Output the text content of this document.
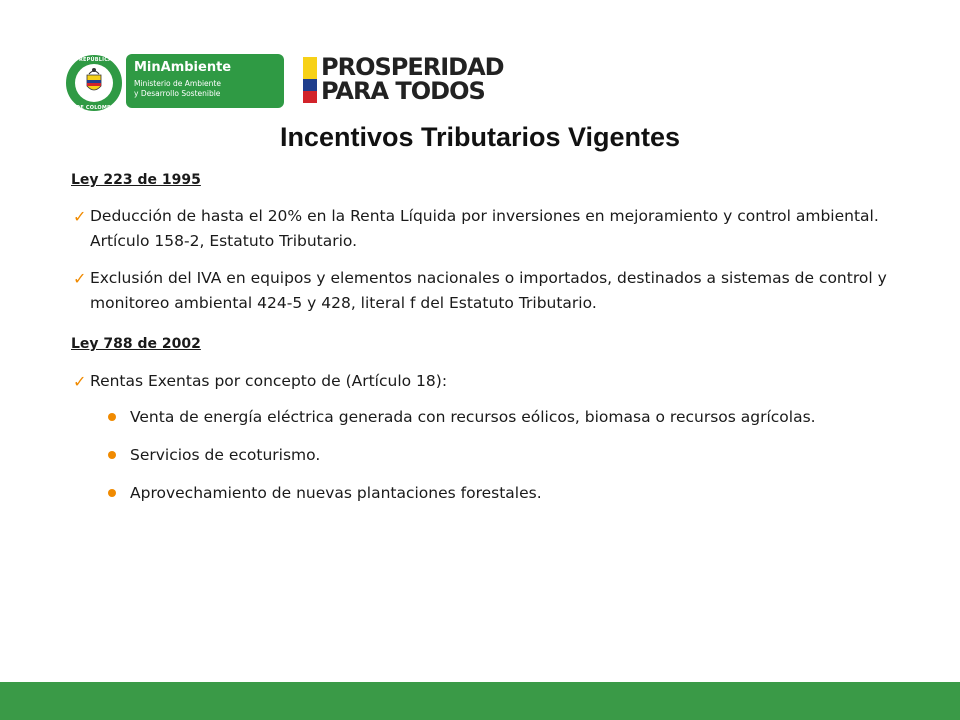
REPÚBLICA
DE COLOMBIA
MinAmbiente
Ministerio de Ambiente
y Desarrollo Sostenible
PROSPERIDAD
PARA TODOS
Incentivos Tributarios Vigentes
Ley 223 de 1995
✓ Deducción de hasta el 20% en la Renta Líquida por inversiones en mejoramiento y control ambiental. Artículo 158-2, Estatuto Tributario.
✓ Exclusión del IVA en equipos y elementos nacionales o importados, destinados a sistemas de control y monitoreo ambiental 424-5 y 428, literal f del Estatuto Tributario.
Ley 788 de 2002
✓ Rentas Exentas por concepto de (Artículo 18):
Venta de energía eléctrica generada con recursos eólicos, biomasa o recursos agrícolas.
Servicios de ecoturismo.
Aprovechamiento de nuevas plantaciones forestales.
